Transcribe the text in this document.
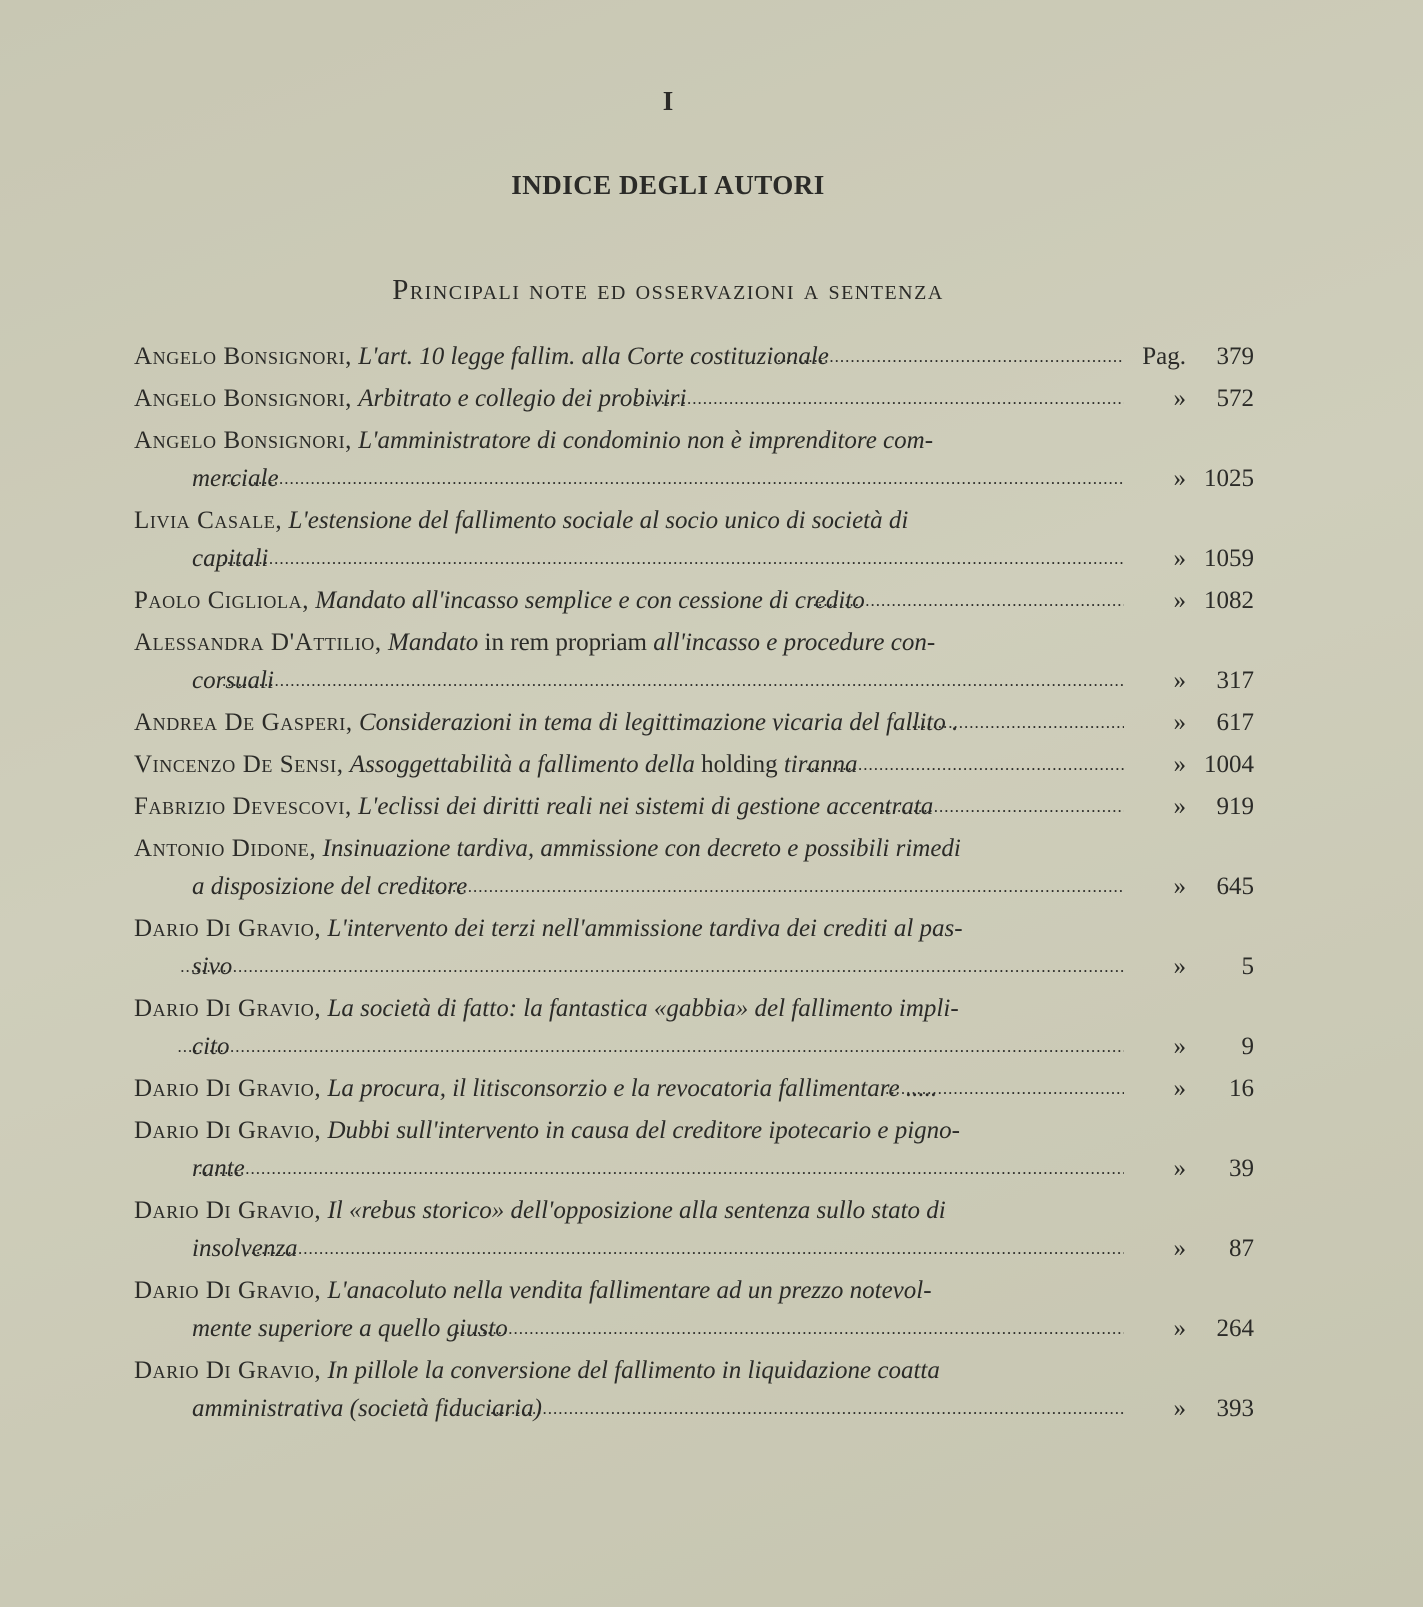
I
INDICE DEGLI AUTORI
Principali note ed osservazioni a sentenza
Angelo Bonsignori, L'art. 10 legge fallim. alla Corte costituzionale .....	Pag.	379
Angelo Bonsignori, Arbitrato e collegio dei probiviri .....	»	572
Angelo Bonsignori, L'amministratore di condominio non è imprenditore com-
merciale .....	» 1025
Livia Casale, L'estensione del fallimento sociale al socio unico di società di
capitali .....	» 1059
Paolo Cigliola, Mandato all'incasso semplice e con cessione di credito .....	» 1082
Alessandra D'Attilio, Mandato in rem propriam all'incasso e procedure con-
corsuali .....	»	317
Andrea De Gasperi, Considerazioni in tema di legittimazione vicaria del fallito . .....	»	617
Vincenzo De Sensi, Assoggettabilità a fallimento della holding tiranna .....	» 1004
Fabrizio Devescovi, L'eclissi dei diritti reali nei sistemi di gestione accentrata .....	»	919
Antonio Didone, Insinuazione tardiva, ammissione con decreto e possibili rimedi
a disposizione del creditore .....	»	645
Dario Di Gravio, L'intervento dei terzi nell'ammissione tardiva dei crediti al pas-
sivo .....	»	5
Dario Di Gravio, La società di fatto: la fantastica «gabbia» del fallimento impli-
cito .....	»	9
Dario Di Gravio, La procura, il litisconsorzio e la revocatoria fallimentare ..... .....	»	16
Dario Di Gravio, Dubbi sull'intervento in causa del creditore ipotecario e pigno-
rante .....	»	39
Dario Di Gravio, Il «rebus storico» dell'opposizione alla sentenza sullo stato di
insolvenza .....	»	87
Dario Di Gravio, L'anacoluto nella vendita fallimentare ad un prezzo notevol-
mente superiore a quello giusto .....	»	264
Dario Di Gravio, In pillole la conversione del fallimento in liquidazione coatta
amministrativa (società fiduciaria) .....	»	393
